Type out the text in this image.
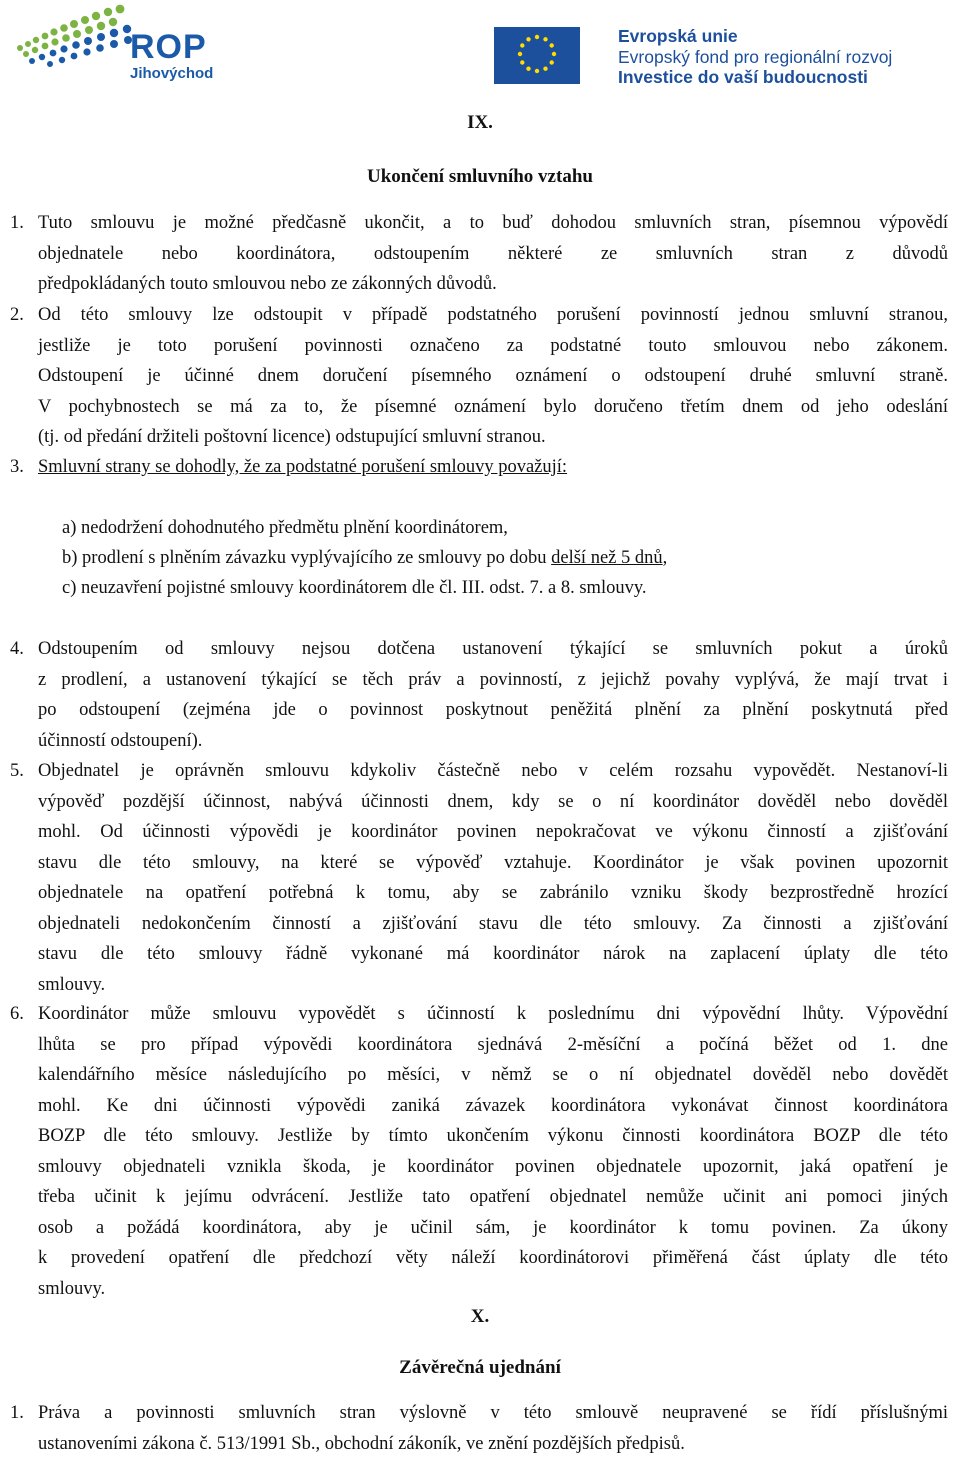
ROP
Jihovýchod
Evropská unie
Evropský fond pro regionální rozvoj
Investice do vaší budoucnosti
IX.
Ukončení smluvního vztahu
1. Tuto smlouvu je možné předčasně ukončit, a to buď dohodou smluvních stran, písemnou výpovědí
objednatele nebo koordinátora, odstoupením některé ze smluvních stran z důvodů
předpokládaných touto smlouvou nebo ze zákonných důvodů.
2. Od této smlouvy lze odstoupit v případě podstatného porušení povinností jednou smluvní stranou,
jestliže je toto porušení povinnosti označeno za podstatné touto smlouvou nebo zákonem.
Odstoupení je účinné dnem doručení písemného oznámení o odstoupení druhé smluvní straně.
V pochybnostech se má za to, že písemné oznámení bylo doručeno třetím dnem od jeho odeslání
(tj. od předání držiteli poštovní licence) odstupující smluvní stranou.
3. Smluvní strany se dohodly, že za podstatné porušení smlouvy považují:
a) nedodržení dohodnutého předmětu plnění koordinátorem,
b) prodlení s plněním závazku vyplývajícího ze smlouvy po dobu delší než 5 dnů,
c) neuzavření pojistné smlouvy koordinátorem dle čl. III. odst. 7. a 8. smlouvy.
4. Odstoupením od smlouvy nejsou dotčena ustanovení týkající se smluvních pokut a úroků
z prodlení, a ustanovení týkající se těch práv a povinností, z jejichž povahy vyplývá, že mají trvat i
po odstoupení (zejména jde o povinnost poskytnout peněžitá plnění za plnění poskytnutá před
účinností odstoupení).
5. Objednatel je oprávněn smlouvu kdykoliv částečně nebo v celém rozsahu vypovědět. Nestanoví-li
výpověď pozdější účinnost, nabývá účinnosti dnem, kdy se o ní koordinátor dověděl nebo dověděl
mohl. Od účinnosti výpovědi je koordinátor povinen nepokračovat ve výkonu činností a zjišťování
stavu dle této smlouvy, na které se výpověď vztahuje. Koordinátor je však povinen upozornit
objednatele na opatření potřebná k tomu, aby se zabránilo vzniku škody bezprostředně hrozící
objednateli nedokončením činností a zjišťování stavu dle této smlouvy. Za činnosti a zjišťování
stavu dle této smlouvy řádně vykonané má koordinátor nárok na zaplacení úplaty dle této
smlouvy.
6. Koordinátor může smlouvu vypovědět s účinností k poslednímu dni výpovědní lhůty. Výpovědní
lhůta se pro případ výpovědi koordinátora sjednává 2-měsíční a počíná běžet od 1. dne
kalendářního měsíce následujícího po měsíci, v němž se o ní objednatel dověděl nebo dovědět
mohl. Ke dni účinnosti výpovědi zaniká závazek koordinátora vykonávat činnost koordinátora
BOZP dle této smlouvy. Jestliže by tímto ukončením výkonu činnosti koordinátora BOZP dle této
smlouvy objednateli vznikla škoda, je koordinátor povinen objednatele upozornit, jaká opatření je
třeba učinit k jejímu odvrácení. Jestliže tato opatření objednatel nemůže učinit ani pomoci jiných
osob a požádá koordinátora, aby je učinil sám, je koordinátor k tomu povinen. Za úkony
k provedení opatření dle předchozí věty náleží koordinátorovi přiměřená část úplaty dle této
smlouvy.
X.
Závěrečná ujednání
1. Práva a povinnosti smluvních stran výslovně v této smlouvě neupravené se řídí příslušnými
ustanoveními zákona č. 513/1991 Sb., obchodní zákoník, ve znění pozdějších předpisů.
